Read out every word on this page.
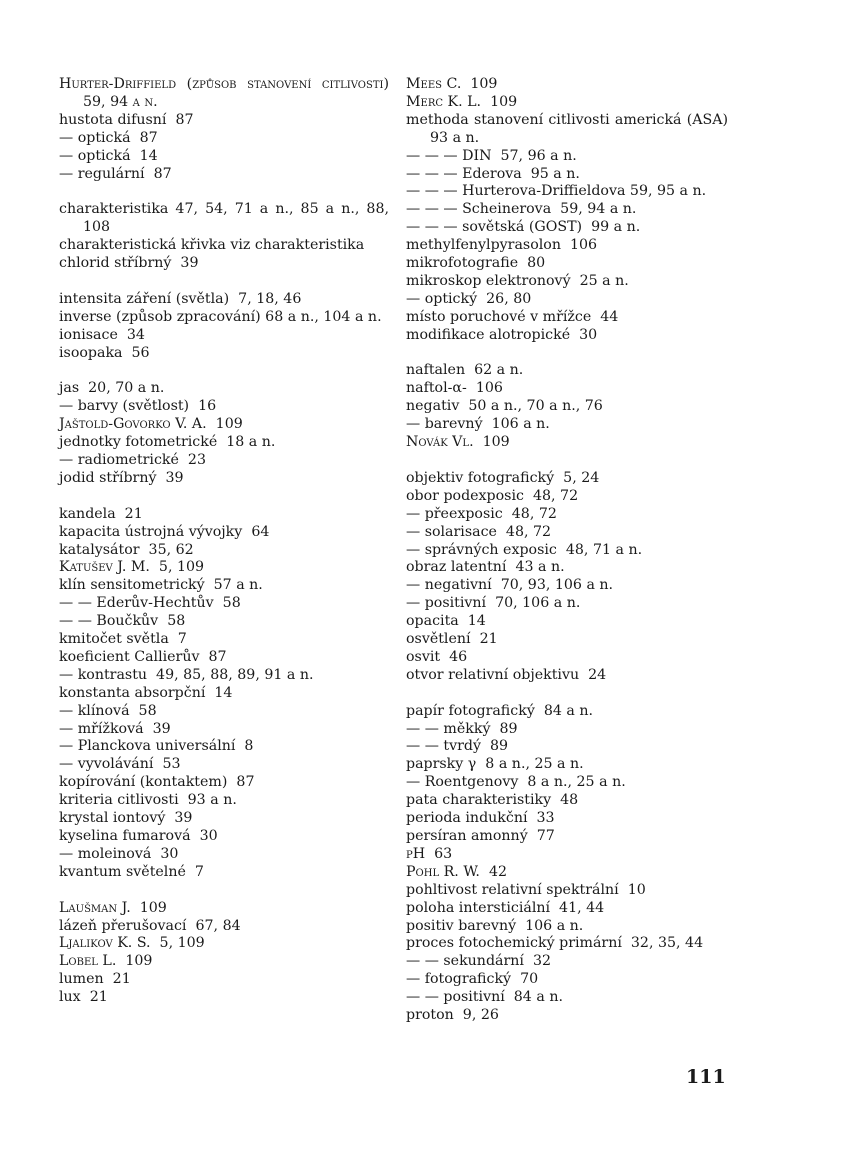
Hurter-Driffield (způsob stanovení citlivosti) 59, 94 a n.
hustota difusní  87
— optická  87
— optická  14
— regulární  87
charakteristika 47, 54, 71 a n., 85 a n., 88, 108
charakteristická křivka viz charakteristika
chlorid stříbrný  39
intensita záření (světla)  7, 18, 46
inverse (způsob zpracování) 68 a n., 104 a n.
ionisace  34
isoopaka  56
jas  20, 70 a n.
— barvy (světlost)  16
Jaštold-Govorko V. A.  109
jednotky fotometrické  18 a n.
— radiometrické  23
jodid stříbrný  39
kandela  21
kapacita ústrojná vývojky  64
katalysátor  35, 62
Katušev J. M.  5, 109
klín sensitometrický  57 a n.
— — Ederův-Hechtův  58
— — Boučkův  58
kmitočet světla  7
koeficient Callierův  87
— kontrastu  49, 85, 88, 89, 91 a n.
konstanta absorpční  14
— klínová  58
— mřížková  39
— Planckova universální  8
— vyvolávání  53
kopírování (kontaktem)  87
kriteria citlivosti  93 a n.
krystal iontový  39
kyselina fumarová  30
— moleinová  30
kvantum světelné  7
Laušman J.  109
lázeň přerušovací  67, 84
Ljalikov K. S.  5, 109
Lobel L.  109
lumen  21
lux  21
Mees C.  109
Merc K. L.  109
methoda stanovení citlivosti americká (ASA) 93 a n.
— — — DIN  57, 96 a n.
— — — Ederova  95 a n.
— — — Hurterova-Driffieldova 59, 95 a n.
— — — Scheinerova  59, 94 a n.
— — — sovětská (GOST)  99 a n.
methylfenylpyrasolon  106
mikrofotografie  80
mikroskop elektronový  25 a n.
— optický  26, 80
místo poruchové v mřížce  44
modifikace alotropické  30
naftalen  62 a n.
naftol-α-  106
negativ  50 a n., 70 a n., 76
— barevný  106 a n.
Novák Vl.  109
objektiv fotografický  5, 24
obor podexposic  48, 72
— přeexposic  48, 72
— solarisace  48, 72
— správných exposic  48, 71 a n.
obraz latentní  43 a n.
— negativní  70, 93, 106 a n.
— positivní  70, 106 a n.
opacita  14
osvětlení  21
osvit  46
otvor relativní objektivu  24
papír fotografický  84 a n.
— — měkký  89
— — tvrdý  89
paprsky γ  8 a n., 25 a n.
— Roentgenovy  8 a n., 25 a n.
pata charakteristiky  48
perioda indukční  33
persíran amonný  77
pH  63
Pohl R. W.  42
pohltivost relativní spektrální  10
poloha intersticiální  41, 44
positiv barevný  106 a n.
proces fotochemický primární  32, 35, 44
— — sekundární  32
— fotografický  70
— — positivní  84 a n.
proton  9, 26
111
